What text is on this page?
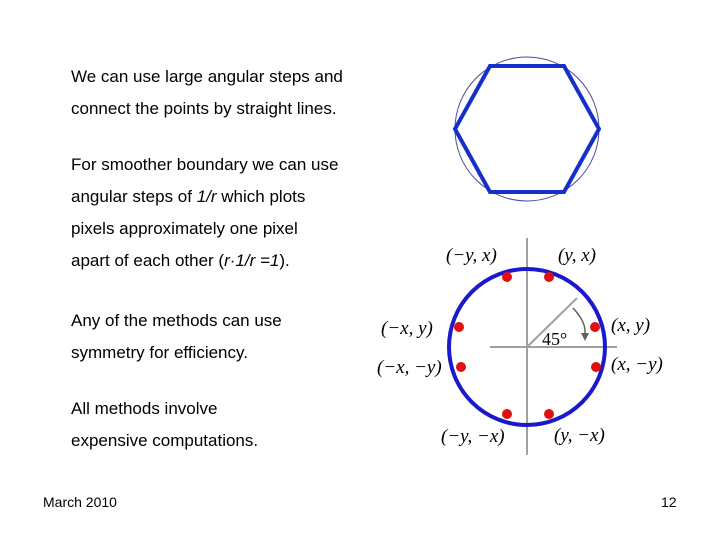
We can use large angular steps and

connect the points by straight lines.

For smoother boundary we can use

angular steps of 1/r which plots

pixels approximately one pixel

apart of each other (r·1/r =1).

Any of the methods can use

symmetry for efficiency.

All methods involve

expensive computations.

45°
(−y, x)	(y, x)
(−x, y)	(x, y)
(−x, −y)	(x, −y)
(−y, −x)	(y, −x)
March 2010	12
